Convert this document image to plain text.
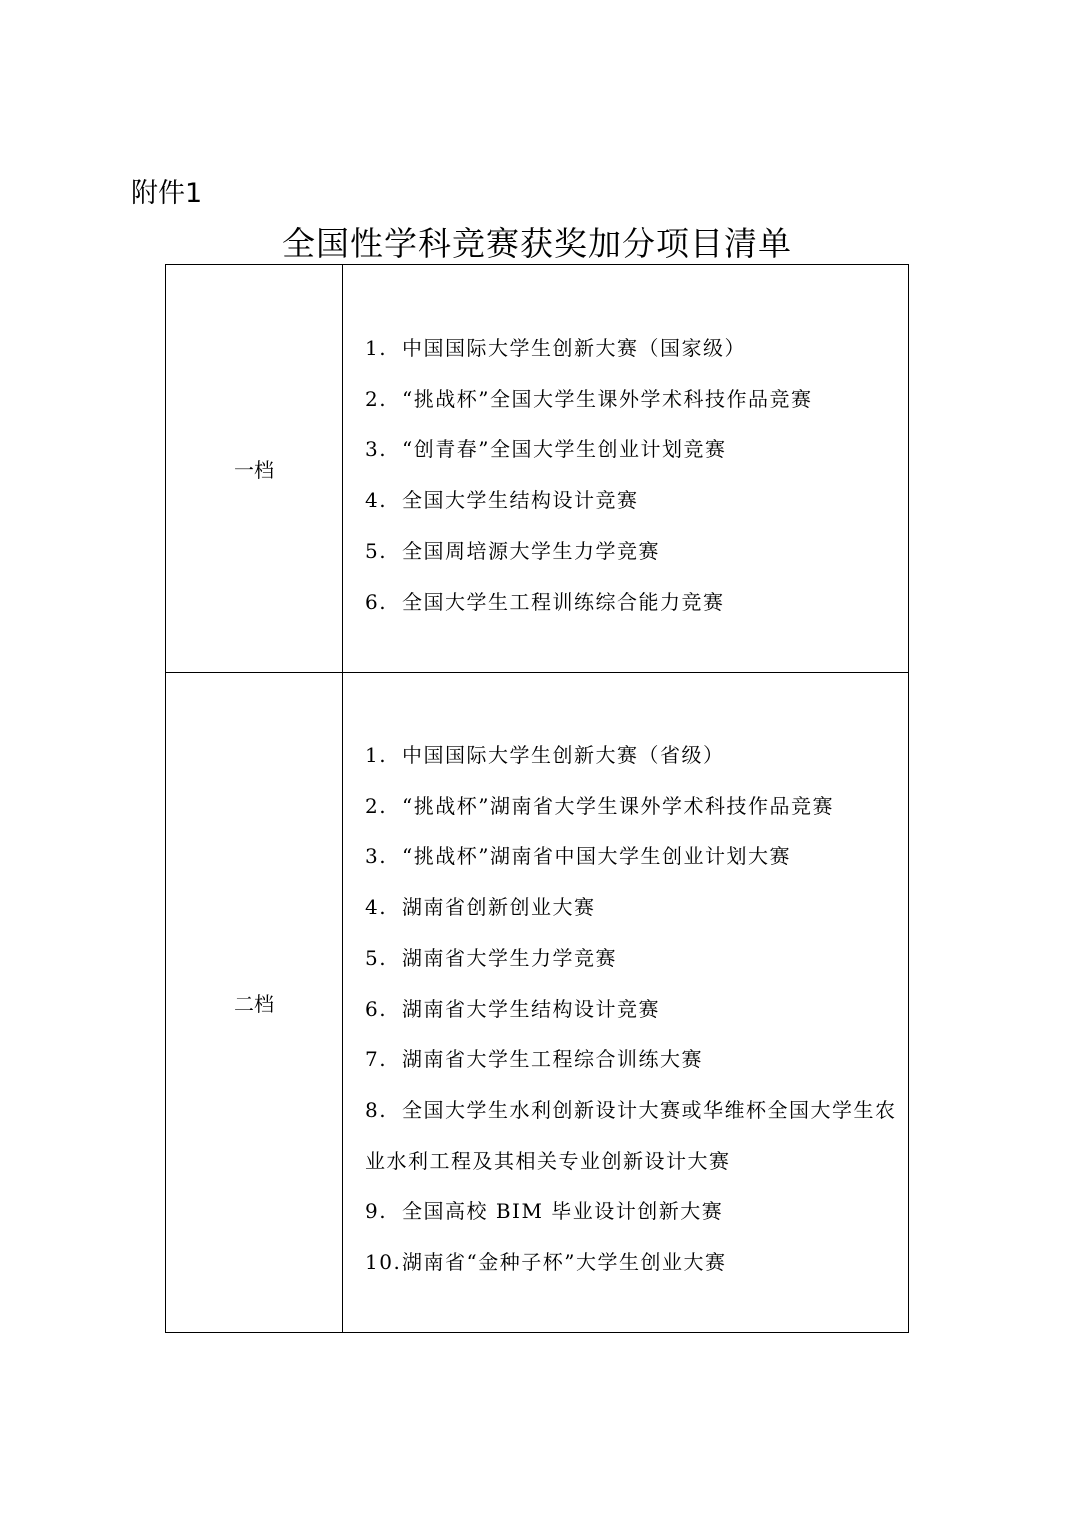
附件1
全国性学科竞赛获奖加分项目清单
一档
1. 中国国际大学生创新大赛（国家级）
2. “挑战杯”全国大学生课外学术科技作品竞赛
3. “创青春”全国大学生创业计划竞赛
4. 全国大学生结构设计竞赛
5. 全国周培源大学生力学竞赛
6. 全国大学生工程训练综合能力竞赛
二档
1. 中国国际大学生创新大赛（省级）
2. “挑战杯”湖南省大学生课外学术科技作品竞赛
3. “挑战杯”湖南省中国大学生创业计划大赛
4. 湖南省创新创业大赛
5. 湖南省大学生力学竞赛
6. 湖南省大学生结构设计竞赛
7. 湖南省大学生工程综合训练大赛
8. 全国大学生水利创新设计大赛或华维杯全国大学生农业水利工程及其相关专业创新设计大赛
9. 全国高校 BIM 毕业设计创新大赛
10.湖南省“金种子杯”大学生创业大赛
